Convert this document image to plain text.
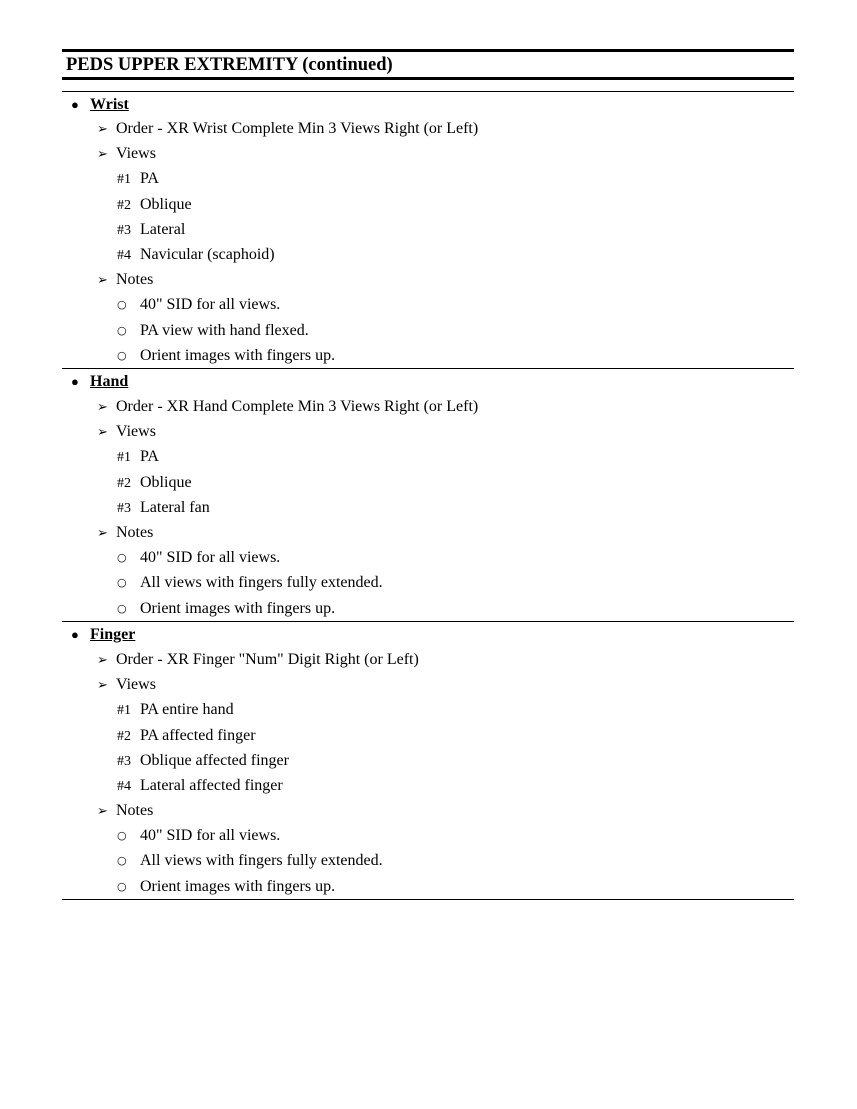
PEDS UPPER EXTREMITY (continued)
● Wrist
➢ Order - XR Wrist Complete Min 3 Views Right (or Left)
➢ Views
#1 PA
#2 Oblique
#3 Lateral
#4 Navicular (scaphoid)
➢ Notes
○ 40" SID for all views.
○ PA view with hand flexed.
○ Orient images with fingers up.
● Hand
➢ Order - XR Hand Complete Min 3 Views Right (or Left)
➢ Views
#1 PA
#2 Oblique
#3 Lateral fan
➢ Notes
○ 40" SID for all views.
○ All views with fingers fully extended.
○ Orient images with fingers up.
● Finger
➢ Order - XR Finger "Num" Digit Right (or Left)
➢ Views
#1 PA entire hand
#2 PA affected finger
#3 Oblique affected finger
#4 Lateral affected finger
➢ Notes
○ 40" SID for all views.
○ All views with fingers fully extended.
○ Orient images with fingers up.
